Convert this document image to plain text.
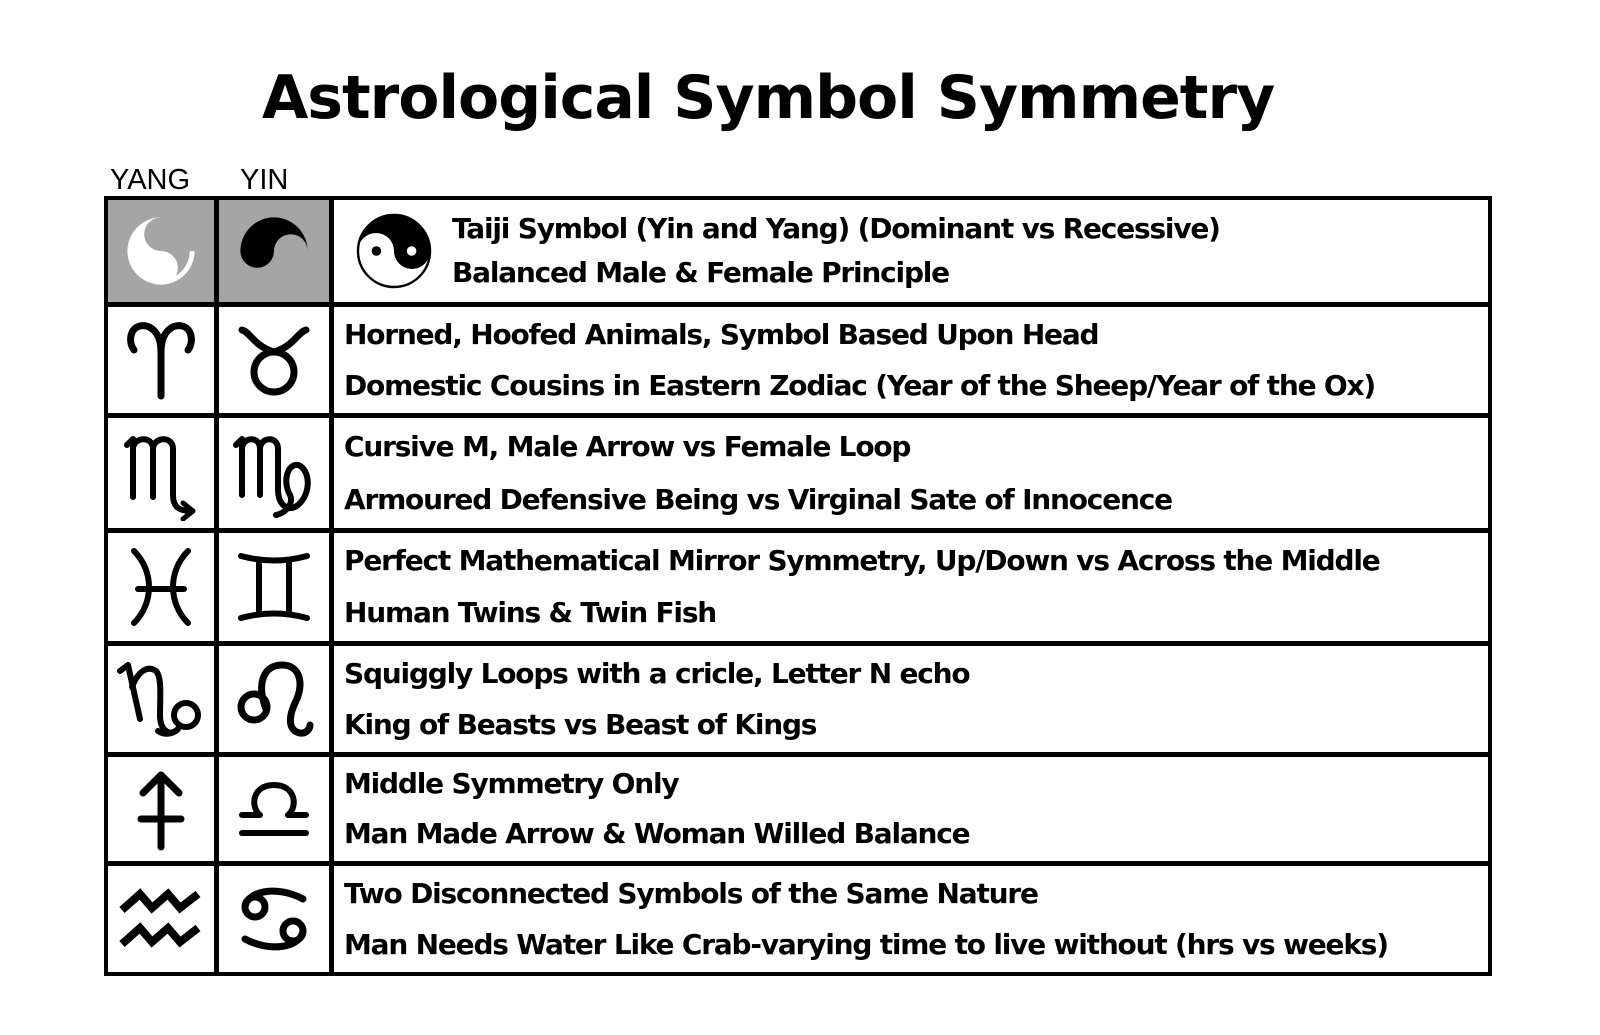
Astrological Symbol Symmetry
YANG YIN
Taiji Symbol (Yin and Yang) (Dominant vs Recessive)
Balanced Male & Female Principle
Horned, Hoofed Animals, Symbol Based Upon Head
Domestic Cousins in Eastern Zodiac (Year of the Sheep/Year of the Ox)
Cursive M, Male Arrow vs Female Loop
Armoured Defensive Being vs Virginal Sate of Innocence
Perfect Mathematical Mirror Symmetry, Up/Down vs Across the Middle
Human Twins & Twin Fish
Squiggly Loops with a cricle, Letter N echo
King of Beasts vs Beast of Kings
Middle Symmetry Only
Man Made Arrow & Woman Willed Balance
Two Disconnected Symbols of the Same Nature
Man Needs Water Like Crab-varying time to live without (hrs vs weeks)
